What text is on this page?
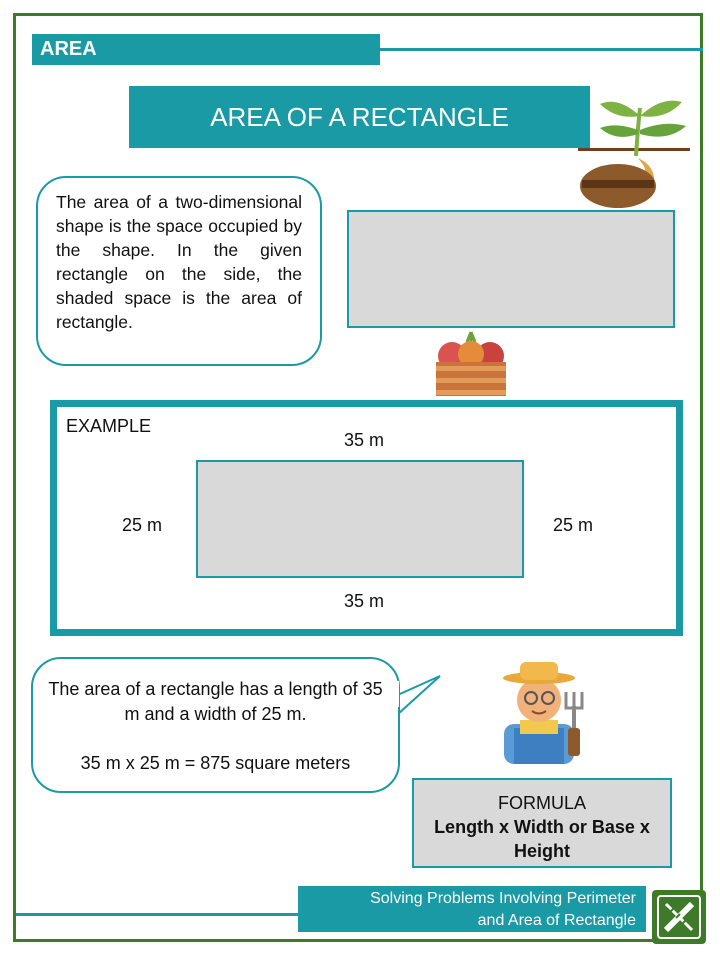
AREA
AREA OF A RECTANGLE
The area of a two-dimensional shape is the space occupied by the shape. In the given rectangle on the side, the shaded space is the area of rectangle.
EXAMPLE
35 m
25 m	25 m
35 m
The area of a rectangle has a length of 35 m and a width of 25 m.
35 m x 25 m = 875 square meters
FORMULA
Length x Width or Base x Height
Solving Problems Involving Perimeter
and Area of Rectangle
